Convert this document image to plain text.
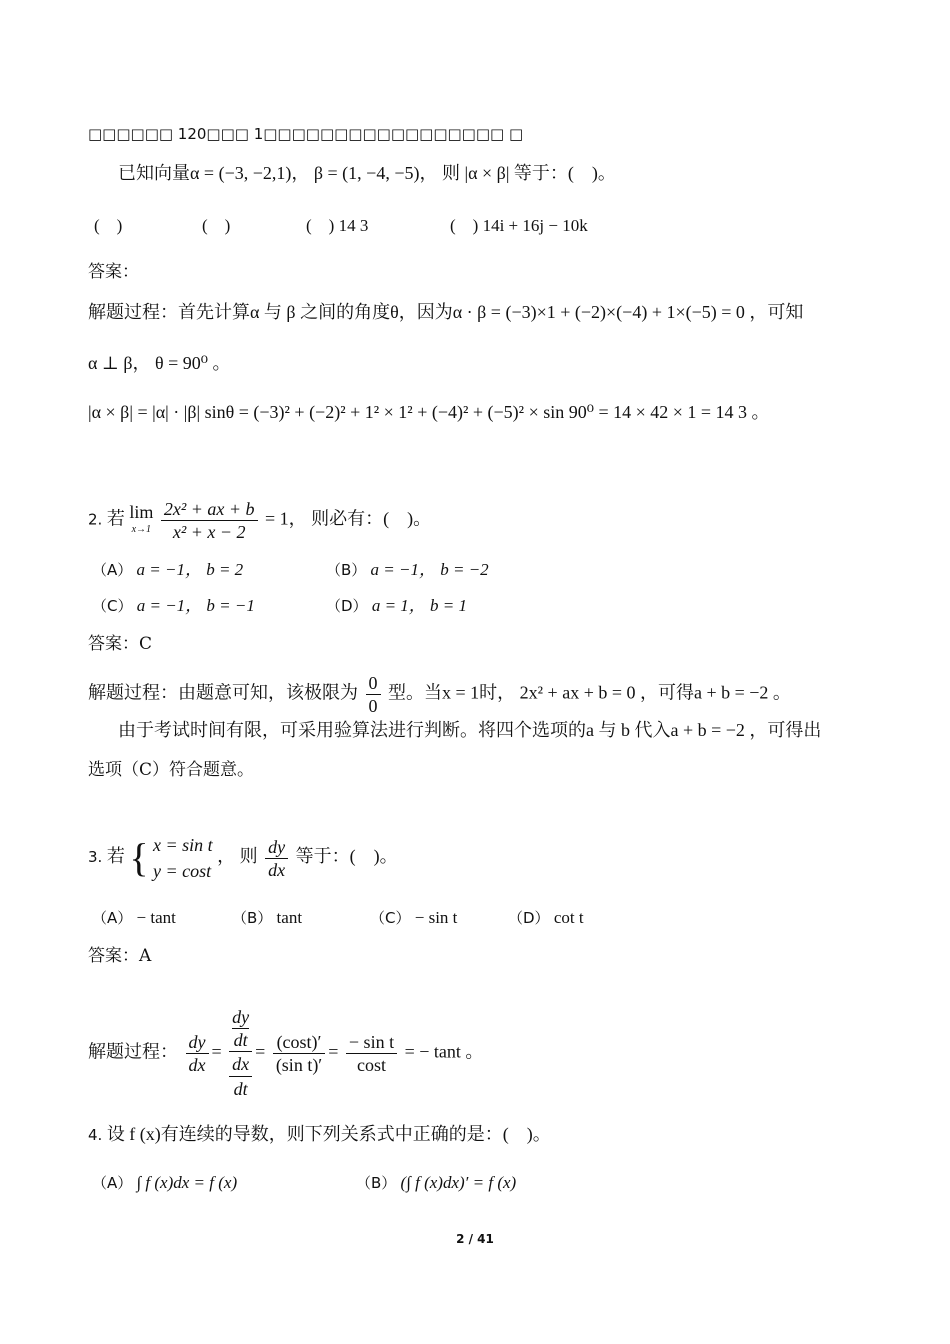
□□□□□□ 120□□□ 1□□□□□□□□□□□□□□□□□ □
已知向量α = (−3, −2,1)， β = (1, −4, −5)， 则 |α × β| 等于：(　)。
(　)	(　)	(　) 14 3	(　) 14i + 16j − 10k
答案：
解题过程：首先计算α 与 β 之间的角度θ，因为α · β = (−3)×1 + (−2)×(−4) + 1×(−5) = 0 ，可知
α ⊥ β， θ = 90⁰ 。
|α × β| = |α| · |β| sinθ = (−3)² + (−2)² + 1² × 1² + (−4)² + (−5)² × sin 90⁰ = 14 × 42 × 1 = 14 3 。
2. 若 lim
x→1
$\frac{\text{2x² + ax + b}}{\text{x² + x − 2}} = 1$， 则必有：(　)。
（A） a = −1， b = 2	（B） a = −1， b = −2
（C） a = −1， b = −1	（D） a = 1， b = 1
答案：C
解题过程：由题意可知，该极限为 $\frac{0}{0}$ 型。当x = 1时， 2x² + ax + b = 0 ，可得a + b = −2 。
由于考试时间有限，可采用验算法进行判断。将四个选项的a 与 b 代入a + b = −2 ，可得出
选项（C）符合题意。
3. 若 { x = sin t
y = cost
， 则 $\frac{dy}{dx}$ 等于：(　)。
（A） − tant	（B） tant	（C） − sin t	（D） cot t
答案：A
解题过程： $\frac{dy}{dx}$ = dy
dt
dx
dt = $\frac{(\cos t)'}{\text{(sin t)′}} = \frac{\text{− sin t}}{\cos t}$ = − tant 。
4. 设 f (x)有连续的导数，则下列关系式中正确的是：(　)。
（A） ∫ f (x)dx = f (x)	（B） (∫ f (x)dx)′ = f (x)
2 / 41
